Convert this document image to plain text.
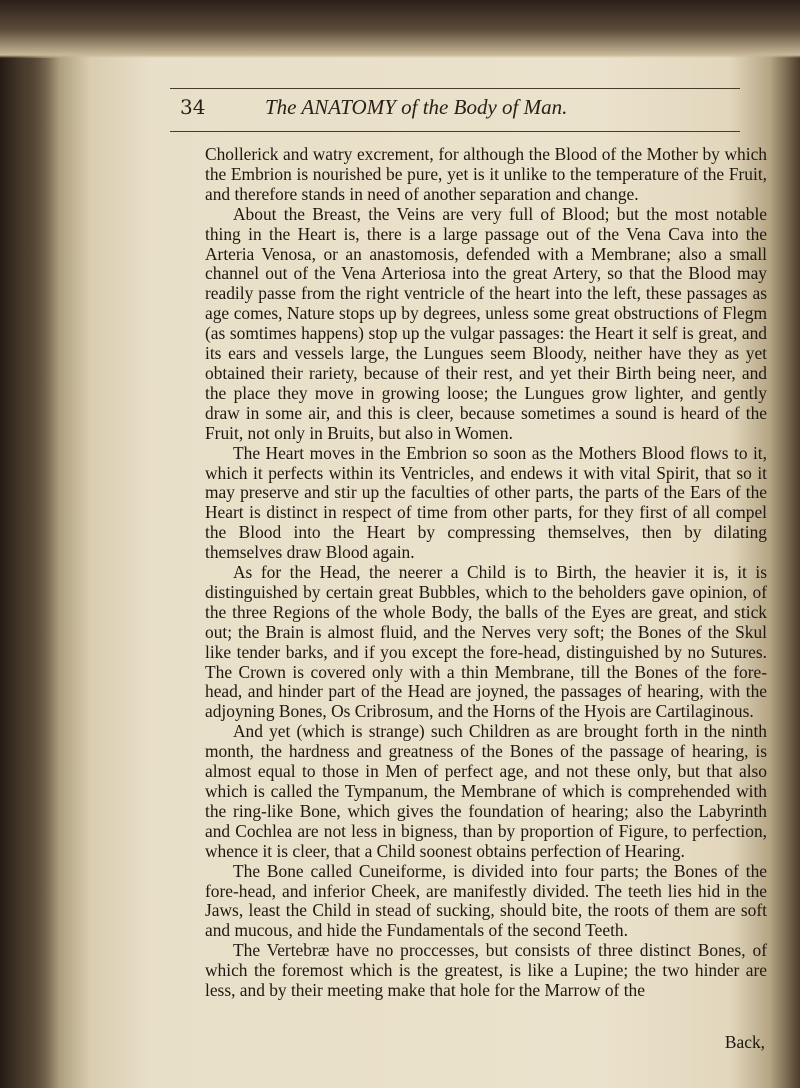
34	The ANATOMY of the Body of Man.

Chollerick and watry excrement, for although the Blood of the Mother by which the Embrion is nourished be pure, yet is it unlike to the temperature of the Fruit, and therefore stands in need of another separation and change.

About the Breast, the Veins are very full of Blood; but the most notable thing in the Heart is, there is a large passage out of the Vena Cava into the Arteria Venosa, or an anastomosis, defended with a Membrane; also a small channel out of the Vena Arteriosa into the great Artery, so that the Blood may readily passe from the right ventricle of the heart into the left, these passages as age comes, Nature stops up by degrees, unless some great obstructions of Flegm (as somtimes happens) stop up the vulgar passages: the Heart it self is great, and its ears and vessels large, the Lungues seem Bloody, neither have they as yet obtained their rariety, because of their rest, and yet their Birth being neer, and the place they move in growing loose; the Lungues grow lighter, and gently draw in some air, and this is cleer, because sometimes a sound is heard of the Fruit, not only in Bruits, but also in Women.

The Heart moves in the Embrion so soon as the Mothers Blood flows to it, which it perfects within its Ventricles, and endews it with vital Spirit, that so it may preserve and stir up the faculties of other parts, the parts of the Ears of the Heart is distinct in respect of time from other parts, for they first of all compel the Blood into the Heart by compressing themselves, then by dilating themselves draw Blood again.

As for the Head, the neerer a Child is to Birth, the heavier it is, it is distinguished by certain great Bubbles, which to the beholders gave opinion, of the three Regions of the whole Body, the balls of the Eyes are great, and stick out; the Brain is almost fluid, and the Nerves very soft; the Bones of the Skul like tender barks, and if you except the fore-head, distinguished by no Sutures. The Crown is covered only with a thin Membrane, till the Bones of the fore-head, and hinder part of the Head are joyned, the passages of hearing, with the adjoyning Bones, Os Cribrosum, and the Horns of the Hyois are Cartilaginous.

And yet (which is strange) such Children as are brought forth in the ninth month, the hardness and greatness of the Bones of the passage of hearing, is almost equal to those in Men of perfect age, and not these only, but that also which is called the Tympanum, the Membrane of which is comprehended with the ring-like Bone, which gives the foundation of hearing; also the Labyrinth and Cochlea are not less in bigness, than by proportion of Figure, to perfection, whence it is cleer, that a Child soonest obtains perfection of Hearing.

The Bone called Cuneiforme, is divided into four parts; the Bones of the fore-head, and inferior Cheek, are manifestly divided. The teeth lies hid in the Jaws, least the Child in stead of sucking, should bite, the roots of them are soft and mucous, and hide the Fundamentals of the second Teeth.

The Vertebræ have no proccesses, but consists of three distinct Bones, of which the foremost which is the greatest, is like a Lupine; the two hinder are less, and by their meeting make that hole for the Marrow of the

Back,
